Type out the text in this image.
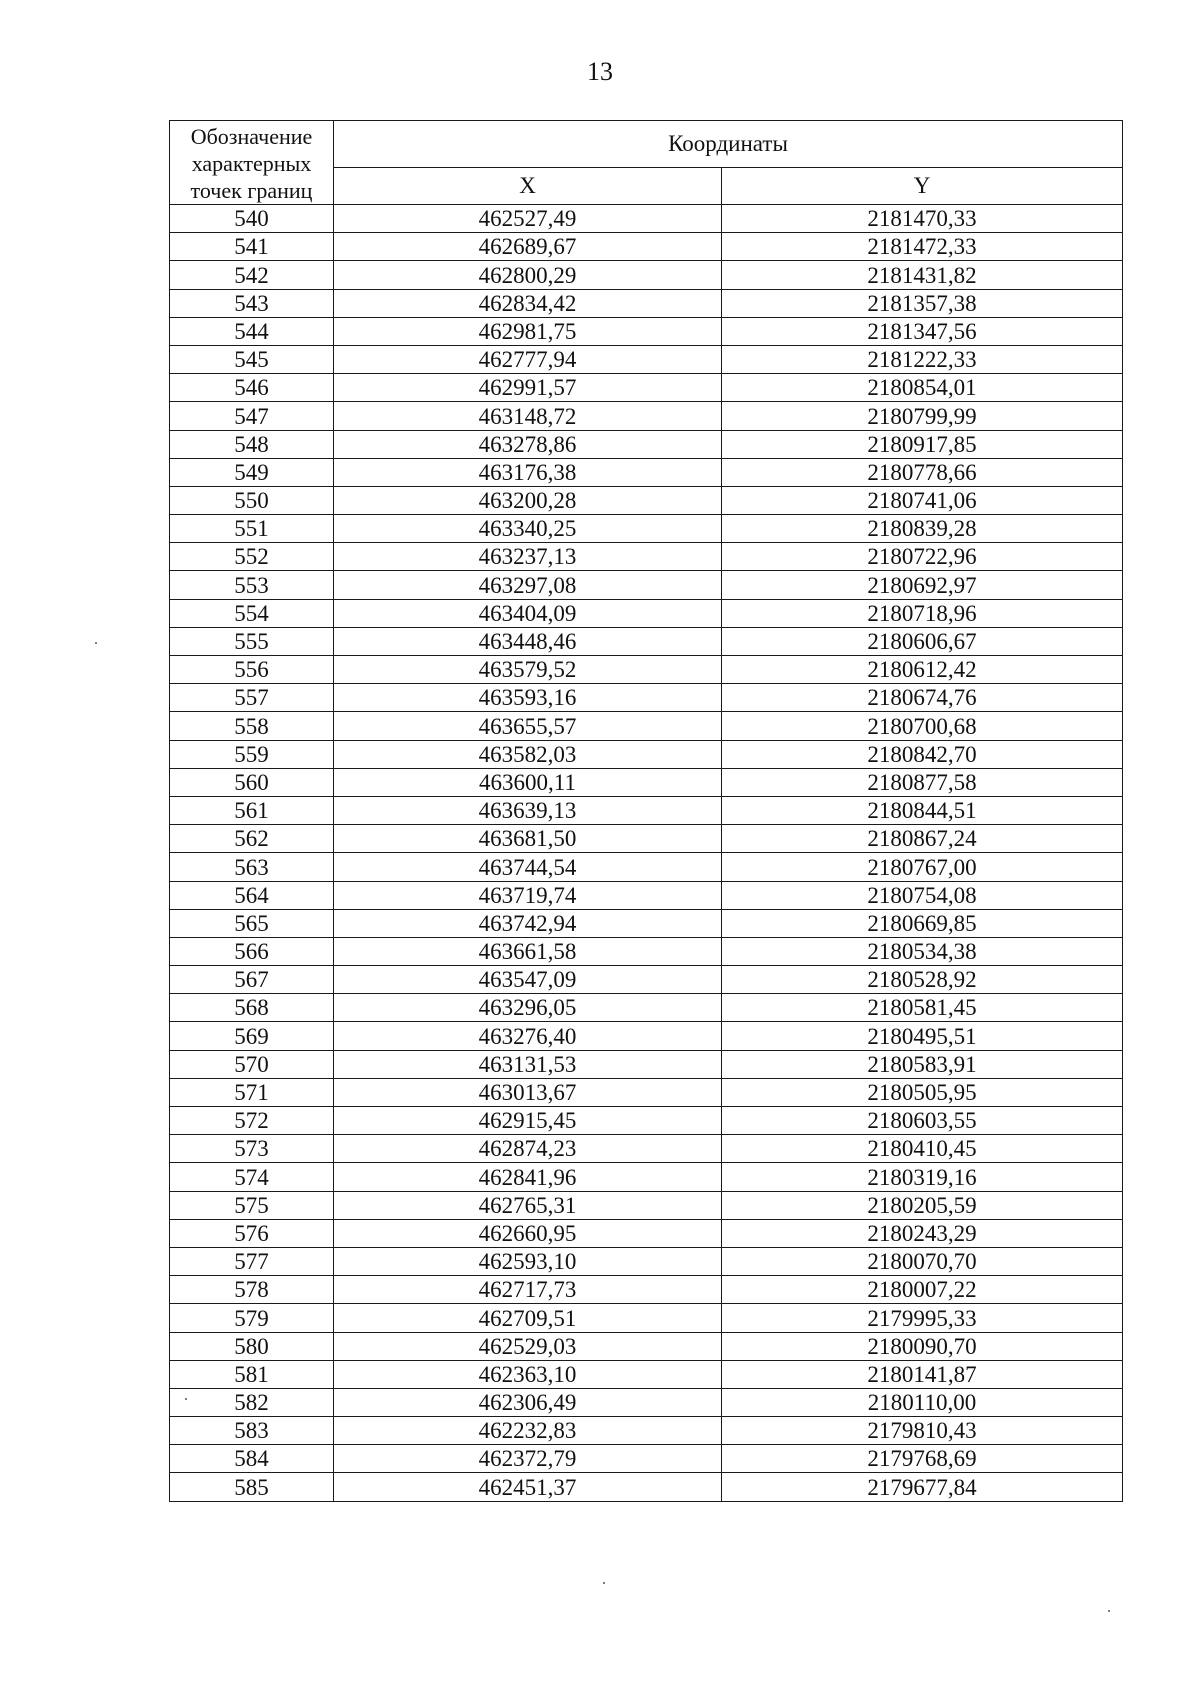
13
Обозначение характерных точек границ	Координаты	
	X	Y
540	462527,49	2181470,33
541	462689,67	2181472,33
542	462800,29	2181431,82
543	462834,42	2181357,38
544	462981,75	2181347,56
545	462777,94	2181222,33
546	462991,57	2180854,01
547	463148,72	2180799,99
548	463278,86	2180917,85
549	463176,38	2180778,66
550	463200,28	2180741,06
551	463340,25	2180839,28
552	463237,13	2180722,96
553	463297,08	2180692,97
554	463404,09	2180718,96
555	463448,46	2180606,67
556	463579,52	2180612,42
557	463593,16	2180674,76
558	463655,57	2180700,68
559	463582,03	2180842,70
560	463600,11	2180877,58
561	463639,13	2180844,51
562	463681,50	2180867,24
563	463744,54	2180767,00
564	463719,74	2180754,08
565	463742,94	2180669,85
566	463661,58	2180534,38
567	463547,09	2180528,92
568	463296,05	2180581,45
569	463276,40	2180495,51
570	463131,53	2180583,91
571	463013,67	2180505,95
572	462915,45	2180603,55
573	462874,23	2180410,45
574	462841,96	2180319,16
575	462765,31	2180205,59
576	462660,95	2180243,29
577	462593,10	2180070,70
578	462717,73	2180007,22
579	462709,51	2179995,33
580	462529,03	2180090,70
581	462363,10	2180141,87
582	462306,49	2180110,00
583	462232,83	2179810,43
584	462372,79	2179768,69
585	462451,37	2179677,84
